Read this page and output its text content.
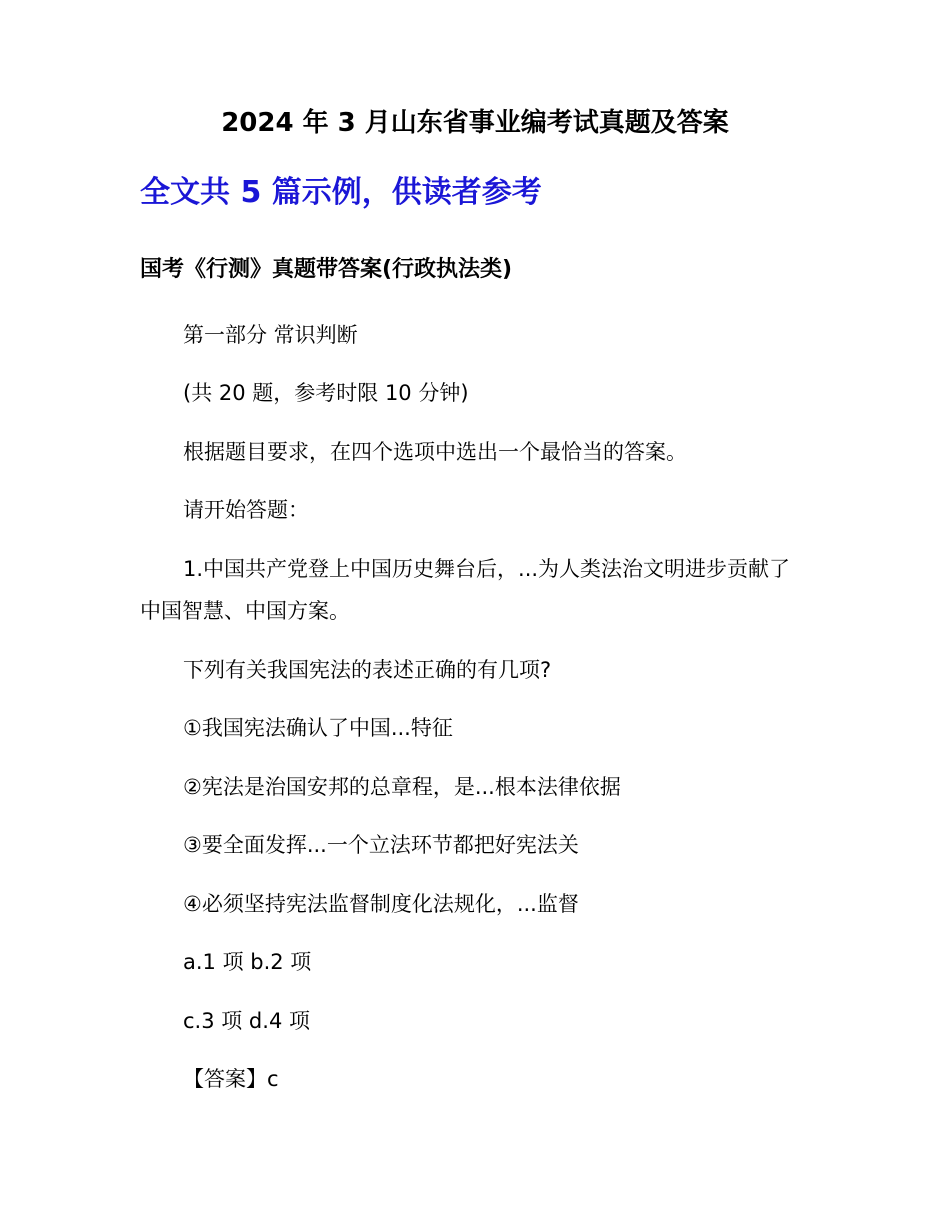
2024 年 3 月山东省事业编考试真题及答案
全文共 5 篇示例，供读者参考
国考《行测》真题带答案(行政执法类)
第一部分 常识判断
(共 20 题，参考时限 10 分钟)
根据题目要求，在四个选项中选出一个最恰当的答案。
请开始答题：
1.中国共产党登上中国历史舞台后，...为人类法治文明进步贡献了
中国智慧、中国方案。
下列有关我国宪法的表述正确的有几项?
①我国宪法确认了中国...特征
②宪法是治国安邦的总章程，是...根本法律依据
③要全面发挥...一个立法环节都把好宪法关
④必须坚持宪法监督制度化法规化，...监督
a.1 项 b.2 项
c.3 项 d.4 项
【答案】c
